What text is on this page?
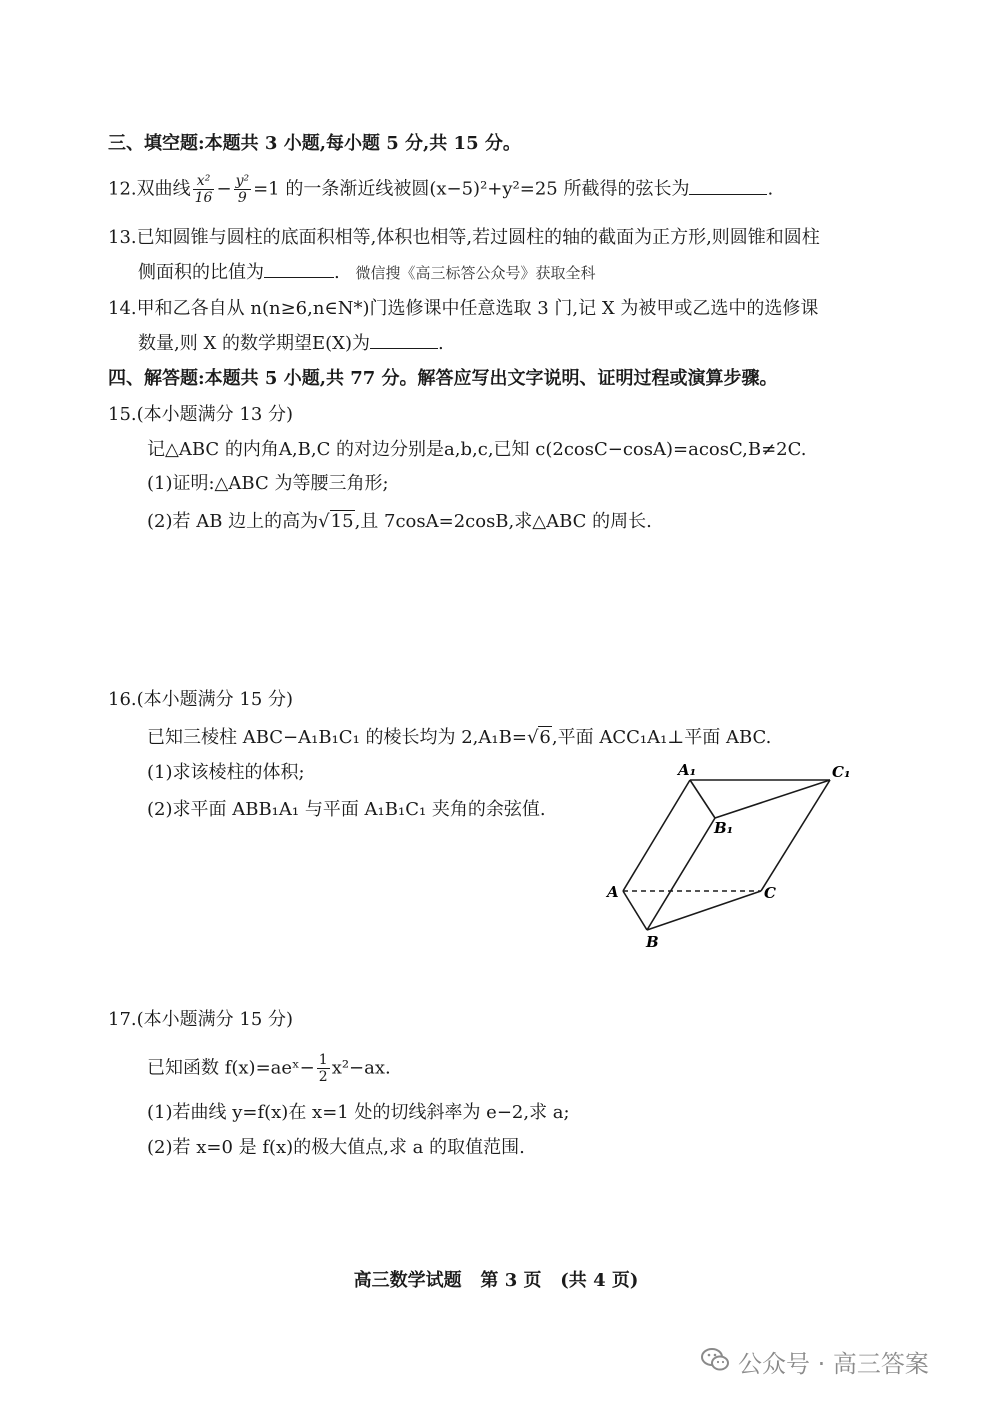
三、填空题:本题共 3 小题,每小题 5 分,共 15 分。
12.双曲线 $\frac{\text{x²}}{16} - \frac{\text{y²}}{9} =1$ 的一条渐近线被圆(x−5)²+y²=25 所截得的弦长为	.
13.已知圆锥与圆柱的底面积相等,体积也相等,若过圆柱的轴的截面为正方形,则圆锥和圆柱
侧面积的比值为	. 微信搜《高三标答公众号》获取全科
14.甲和乙各自从 n(n≥6,n∈N*)门选修课中任意选取 3 门,记 X 为被甲或乙选中的选修课
数量,则 X 的数学期望E(X)为	.
四、解答题:本题共 5 小题,共 77 分。解答应写出文字说明、证明过程或演算步骤。
15.(本小题满分 13 分)
记△ABC 的内角A,B,C 的对边分别是a,b,c,已知 c(2cosC−cosA)=acosC,B≠2C.
(1)证明:△ABC 为等腰三角形;
(2)若 AB 边上的高为√15,且 7cosA=2cosB,求△ABC 的周长.
16.(本小题满分 15 分)
已知三棱柱 ABC−A₁B₁C₁ 的棱长均为 2,A₁B=√6,平面 ACC₁A₁⊥平面 ABC.
(1)求该棱柱的体积;
(2)求平面 ABB₁A₁ 与平面 A₁B₁C₁ 夹角的余弦值.
A₁	C₁
B₁
A	C
B
17.(本小题满分 15 分)
已知函数 f(x)=aeˣ− $\frac{1}{2} x^2-ax$.
(1)若曲线 y=f(x)在 x=1 处的切线斜率为 e−2,求 a;
(2)若 x=0 是 f(x)的极大值点,求 a 的取值范围.
高三数学试题   第 3 页   (共 4 页)
公众号 · 高三答案
